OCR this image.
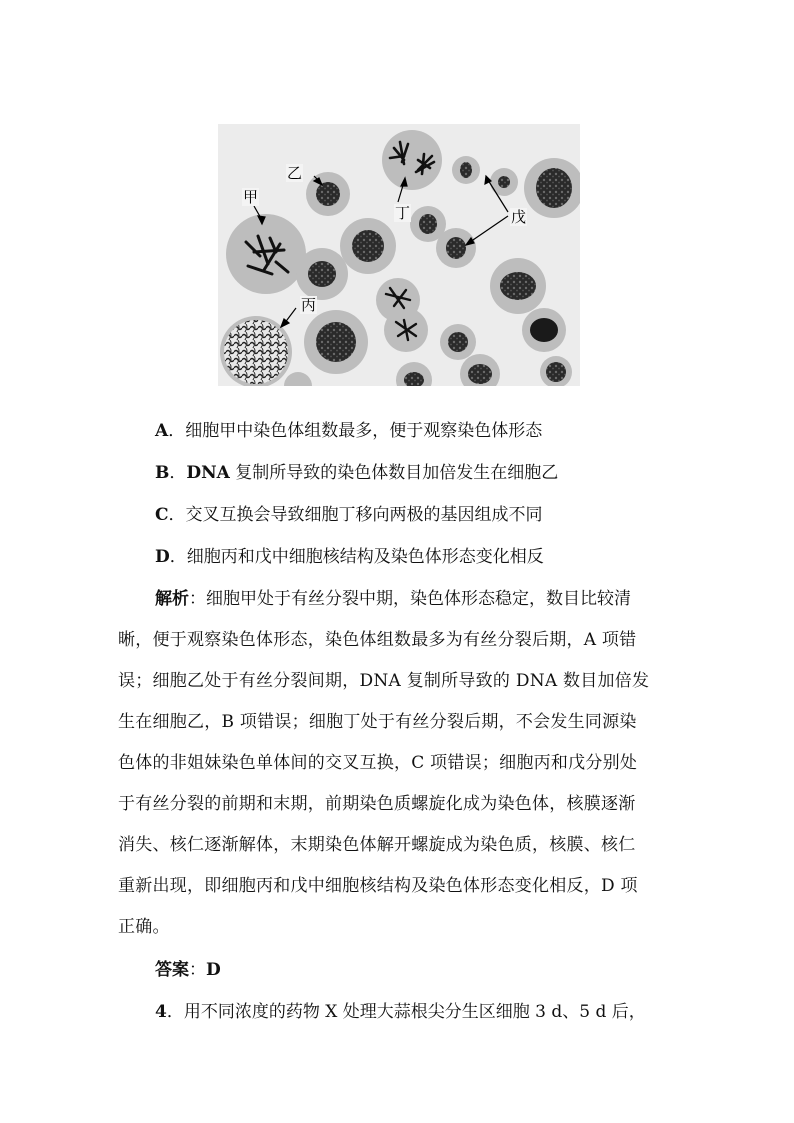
甲
乙
丁	戊
丙
A．细胞甲中染色体组数最多，便于观察染色体形态
B．DNA 复制所导致的染色体数目加倍发生在细胞乙
C．交叉互换会导致细胞丁移向两极的基因组成不同
D．细胞丙和戊中细胞核结构及染色体形态变化相反
解析：细胞甲处于有丝分裂中期，染色体形态稳定，数目比较清
晰，便于观察染色体形态，染色体组数最多为有丝分裂后期，A 项错
误；细胞乙处于有丝分裂间期，DNA 复制所导致的 DNA 数目加倍发
生在细胞乙，B 项错误；细胞丁处于有丝分裂后期，不会发生同源染
色体的非姐妹染色单体间的交叉互换，C 项错误；细胞丙和戊分别处
于有丝分裂的前期和末期，前期染色质螺旋化成为染色体，核膜逐渐
消失、核仁逐渐解体，末期染色体解开螺旋成为染色质，核膜、核仁
重新出现，即细胞丙和戊中细胞核结构及染色体形态变化相反，D 项
正确。
答案：D
4．用不同浓度的药物 X 处理大蒜根尖分生区细胞 3 d、5 d 后，
